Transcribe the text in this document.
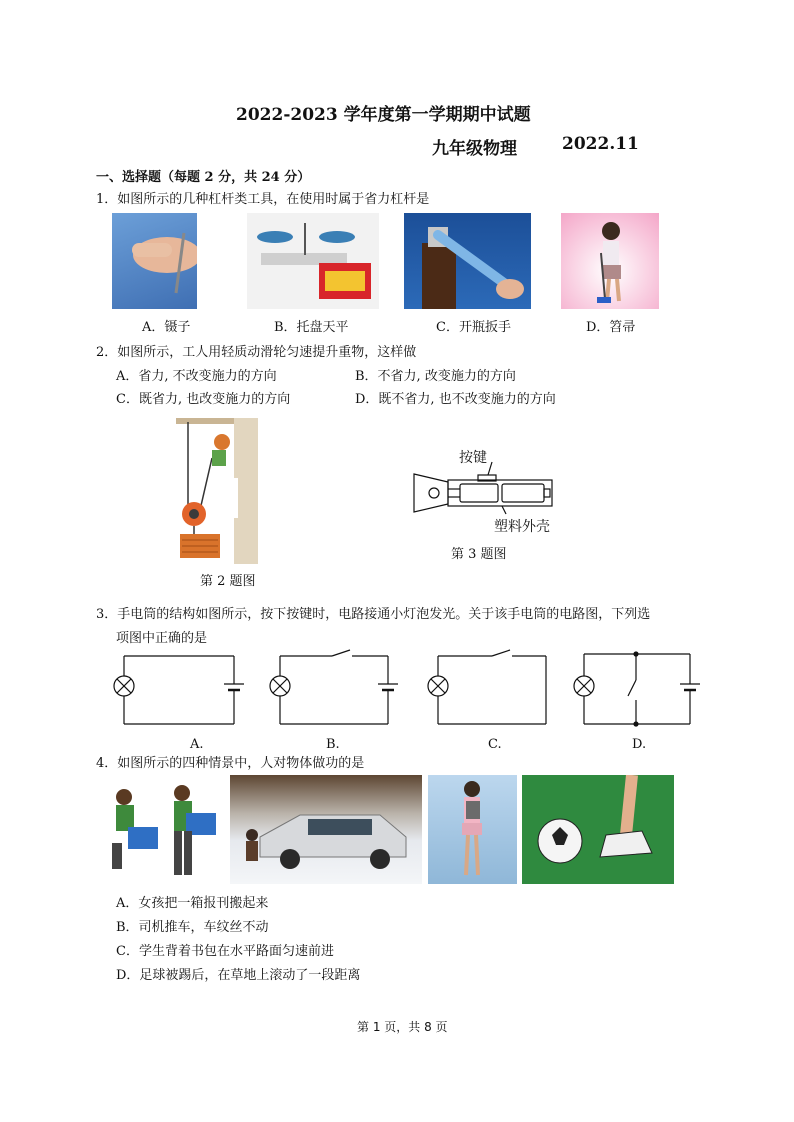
2022-2023 学年度第一学期期中试题
九年级物理	2022.11
一、选择题（每题 2 分，共 24 分）
1．如图所示的几种杠杆类工具，在使用时属于省力杠杆是
A．镊子	B．托盘天平	C．开瓶扳手	D．笤帚
2．如图所示，工人用轻质动滑轮匀速提升重物，这样做
A．省力, 不改变施力的方向	B．不省力, 改变施力的方向
C．既省力, 也改变施力的方向	D．既不省力, 也不改变施力的方向
第 2 题图
按键
塑料外壳
第 3 题图
3．手电筒的结构如图所示，按下按键时，电路接通小灯泡发光。关于该手电筒的电路图，下列选
项图中正确的是
A.	B.	C.	D.
4．如图所示的四种情景中，人对物体做功的是
A．女孩把一箱报刊搬起来
B．司机推车，车纹丝不动
C．学生背着书包在水平路面匀速前进
D．足球被踢后，在草地上滚动了一段距离
第 1 页，共 8 页
